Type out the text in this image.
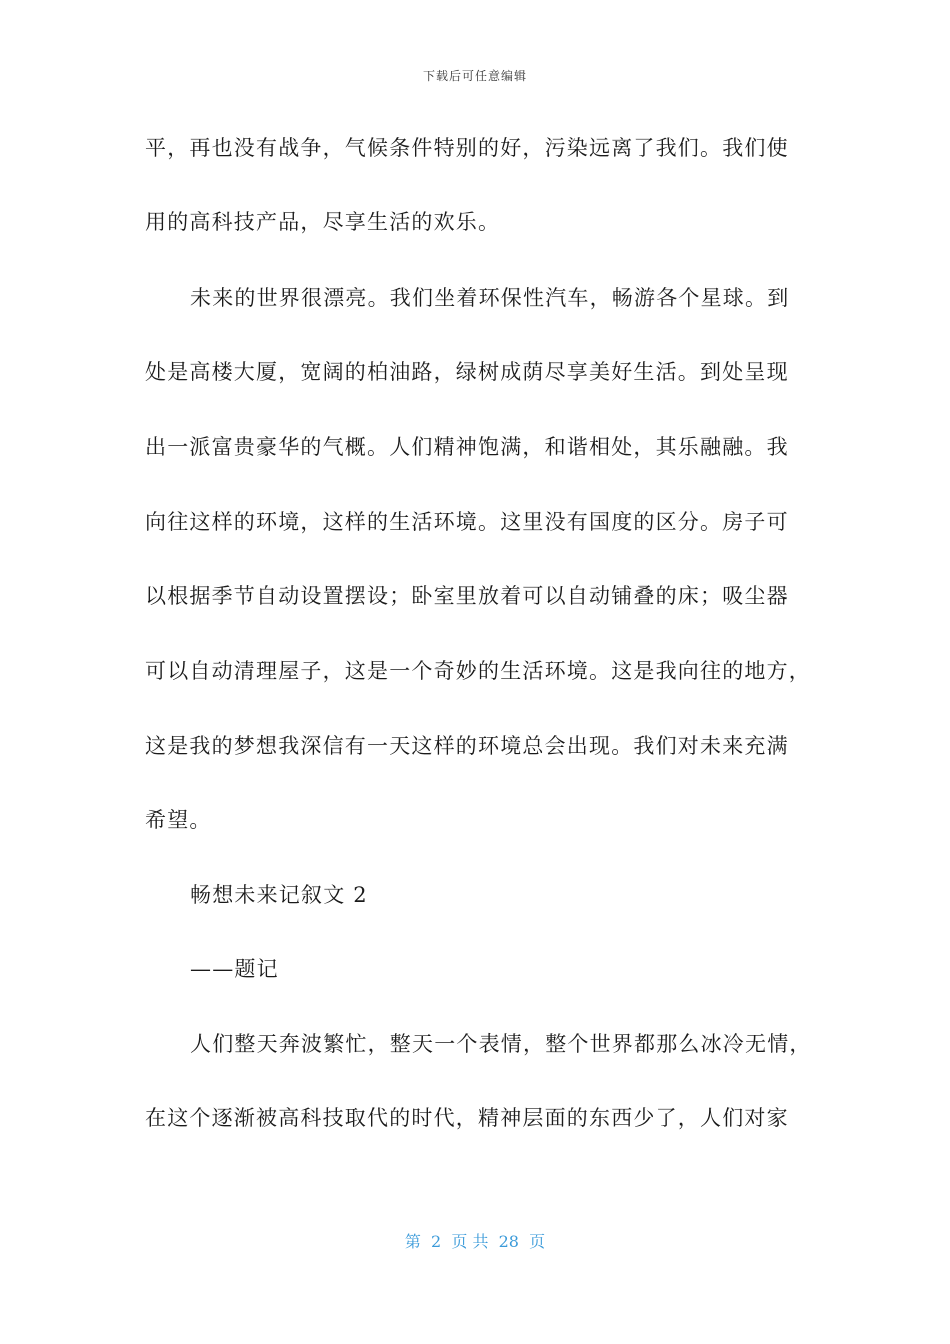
下载后可任意编辑
平，再也没有战争，气候条件特别的好，污染远离了我们。我们使
用的高科技产品，尽享生活的欢乐。
未来的世界很漂亮。我们坐着环保性汽车，畅游各个星球。到
处是高楼大厦，宽阔的柏油路，绿树成荫尽享美好生活。到处呈现
出一派富贵豪华的气概。人们精神饱满，和谐相处，其乐融融。我
向往这样的环境，这样的生活环境。这里没有国度的区分。房子可
以根据季节自动设置摆设；卧室里放着可以自动铺叠的床；吸尘器
可以自动清理屋子，这是一个奇妙的生活环境。这是我向往的地方，
这是我的梦想我深信有一天这样的环境总会出现。我们对未来充满
希望。
畅想未来记叙文 2
——题记
人们整天奔波繁忙，整天一个表情，整个世界都那么冰冷无情，
在这个逐渐被高科技取代的时代，精神层面的东西少了，人们对家
第  2  页 共  28  页
